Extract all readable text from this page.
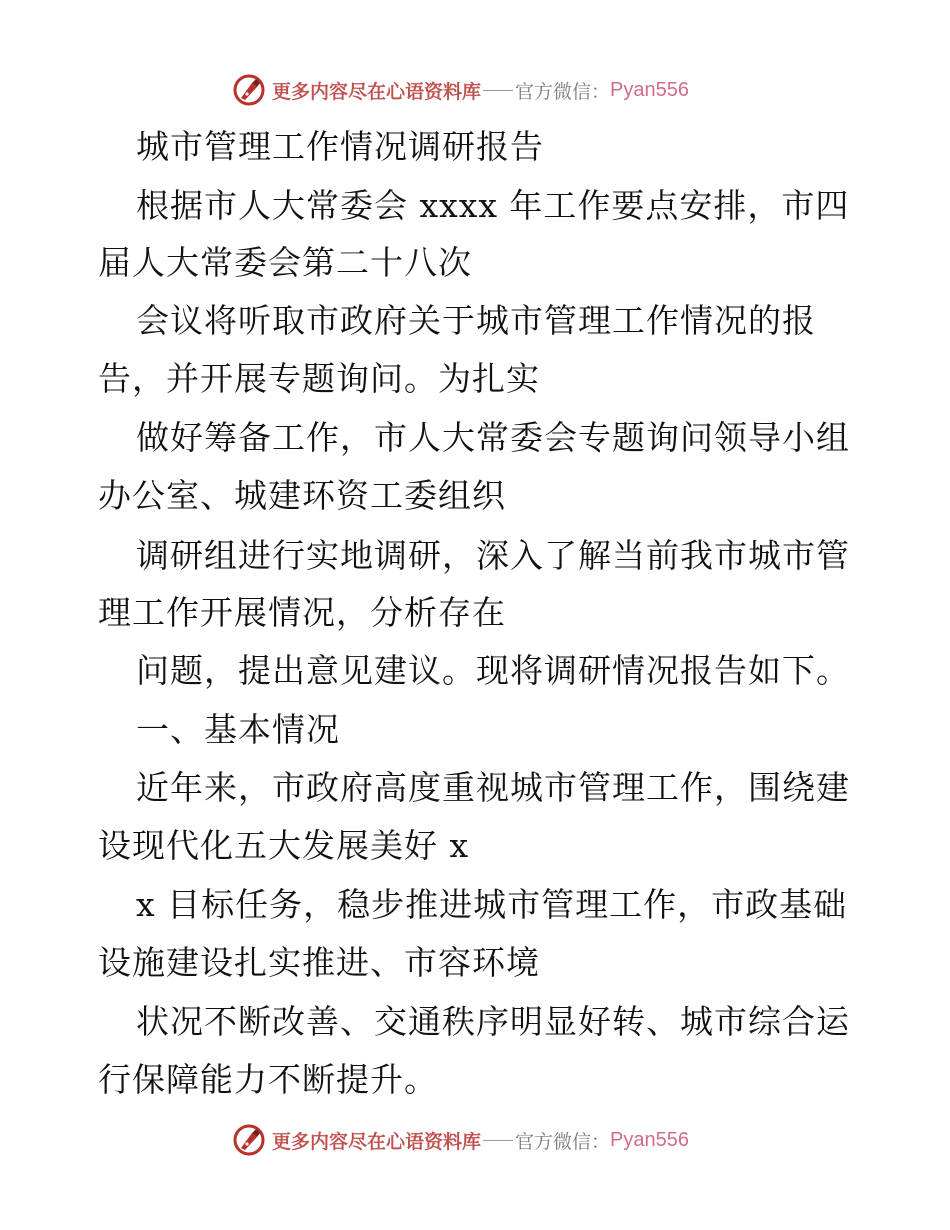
更多内容尽在心语资料库 官方微信： Pyan556
城市管理工作情况调研报告
根据市人大常委会 xxxx 年工作要点安排，市四
届人大常委会第二十八次
会议将听取市政府关于城市管理工作情况的报
告，并开展专题询问。为扎实
做好筹备工作，市人大常委会专题询问领导小组
办公室、城建环资工委组织
调研组进行实地调研，深入了解当前我市城市管
理工作开展情况，分析存在
问题，提出意见建议。现将调研情况报告如下。
一、基本情况
近年来，市政府高度重视城市管理工作，围绕建
设现代化五大发展美好 x
x 目标任务，稳步推进城市管理工作，市政基础
设施建设扎实推进、市容环境
状况不断改善、交通秩序明显好转、城市综合运
行保障能力不断提升。
更多内容尽在心语资料库 官方微信： Pyan556
